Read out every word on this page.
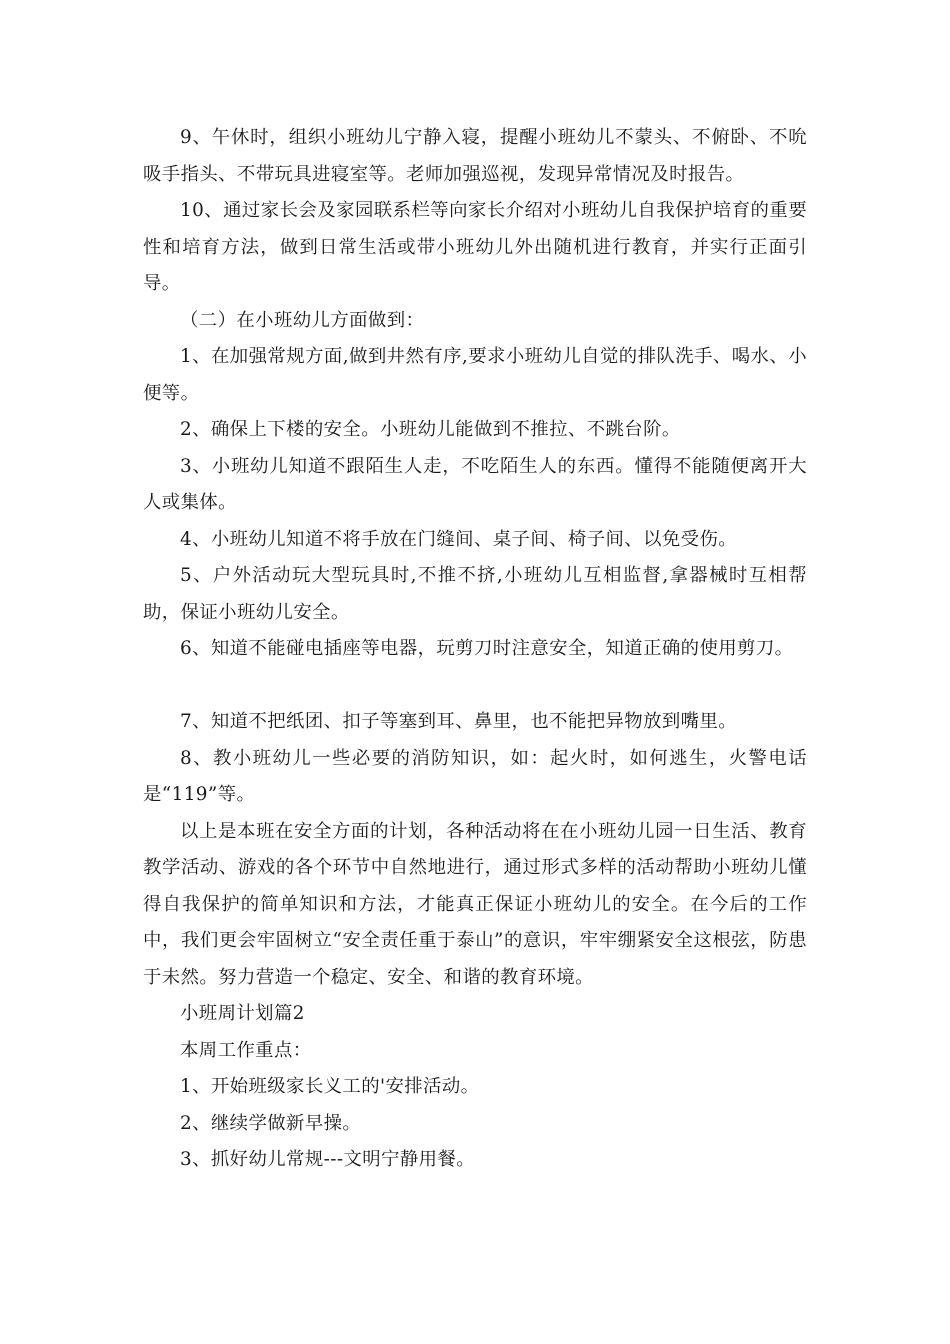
9、午休时，组织小班幼儿宁静入寝，提醒小班幼儿不蒙头、不俯卧、不吮吸手指头、不带玩具进寝室等。老师加强巡视，发现异常情况及时报告。

10、通过家长会及家园联系栏等向家长介绍对小班幼儿自我保护培育的重要性和培育方法，做到日常生活或带小班幼儿外出随机进行教育，并实行正面引导。

（二）在小班幼儿方面做到：

1、在加强常规方面,做到井然有序,要求小班幼儿自觉的排队洗手、喝水、小便等。

2、确保上下楼的安全。小班幼儿能做到不推拉、不跳台阶。

3、小班幼儿知道不跟陌生人走，不吃陌生人的东西。懂得不能随便离开大人或集体。

4、小班幼儿知道不将手放在门缝间、桌子间、椅子间、以免受伤。

5、户外活动玩大型玩具时,不推不挤,小班幼儿互相监督,拿器械时互相帮助，保证小班幼儿安全。

6、知道不能碰电插座等电器，玩剪刀时注意安全，知道正确的使用剪刀。

7、知道不把纸团、扣子等塞到耳、鼻里，也不能把异物放到嘴里。

8、教小班幼儿一些必要的消防知识，如：起火时，如何逃生，火警电话是“119”等。

以上是本班在安全方面的计划，各种活动将在在小班幼儿园一日生活、教育教学活动、游戏的各个环节中自然地进行，通过形式多样的活动帮助小班幼儿懂得自我保护的简单知识和方法，才能真正保证小班幼儿的安全。在今后的工作中，我们更会牢固树立“安全责任重于泰山”的意识，牢牢绷紧安全这根弦，防患于未然。努力营造一个稳定、安全、和谐的教育环境。

小班周计划篇2

本周工作重点：

1、开始班级家长义工的'安排活动。

2、继续学做新早操。

3、抓好幼儿常规---文明宁静用餐。
